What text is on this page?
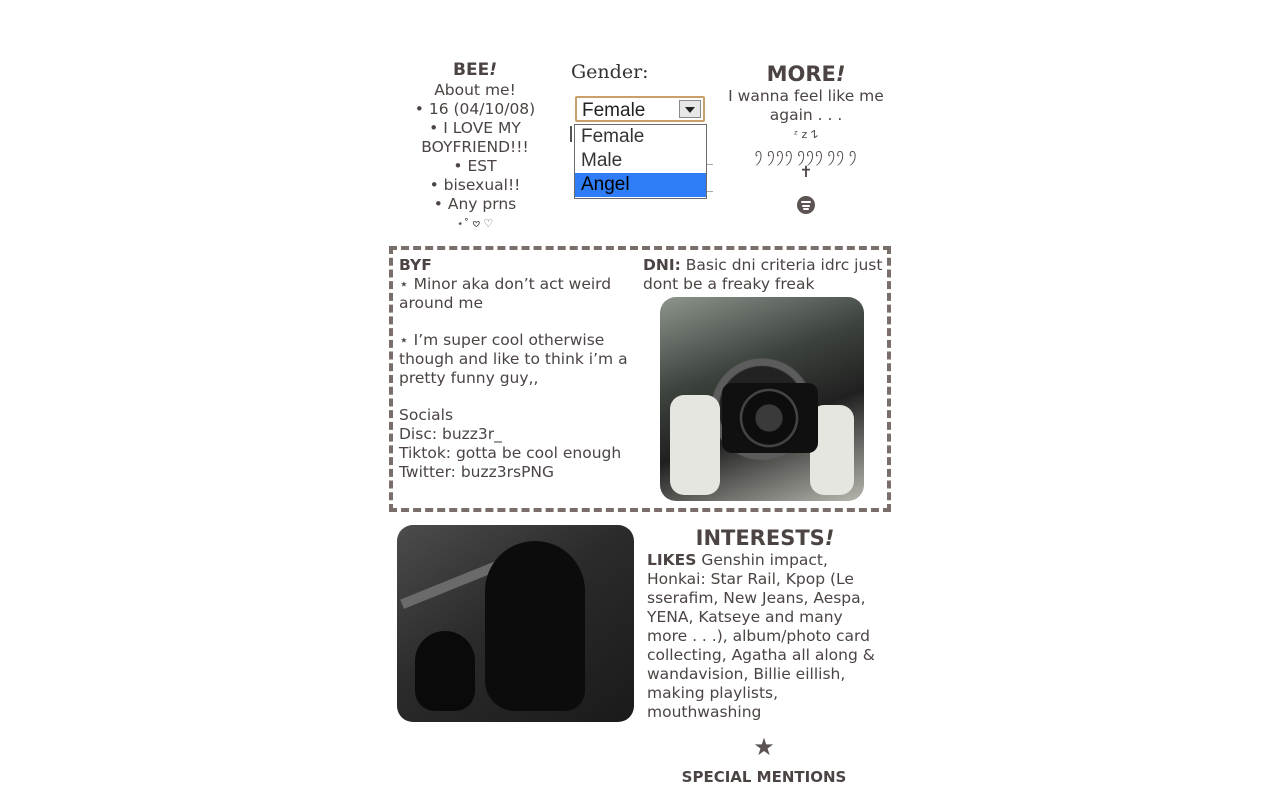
BEE!
About me!
• 16 (04/10/08)
• I LOVE MY BOYFRIEND!!!
• EST
• bisexual!!
• Any prns
⋆˚ 𖹭 ♡
Gender:
Female
Female
Male
Angel
MORE!
I wanna feel like me again . . .
ᶻ z 𐰁
ꪆ ꪆꪆꪆ ꪆꪆꪆ ꪆꪆ ꪆ
✝
BYF
⋆ Minor aka don’t act weird around me
⋆ I’m super cool otherwise though and like to think i’m a pretty funny guy,,
Socials
Disc: buzz3r_
Tiktok: gotta be cool enough
Twitter: buzz3rsPNG
DNI: Basic dni criteria idrc just dont be a freaky freak
INTERESTS!
LIKES Genshin impact, Honkai: Star Rail, Kpop (Le sserafim, New Jeans, Aespa, YENA, Katseye and many more . . .), album/photo card collecting, Agatha all along & wandavision, Billie eillish, making playlists, mouthwashing
★
SPECIAL MENTIONS
